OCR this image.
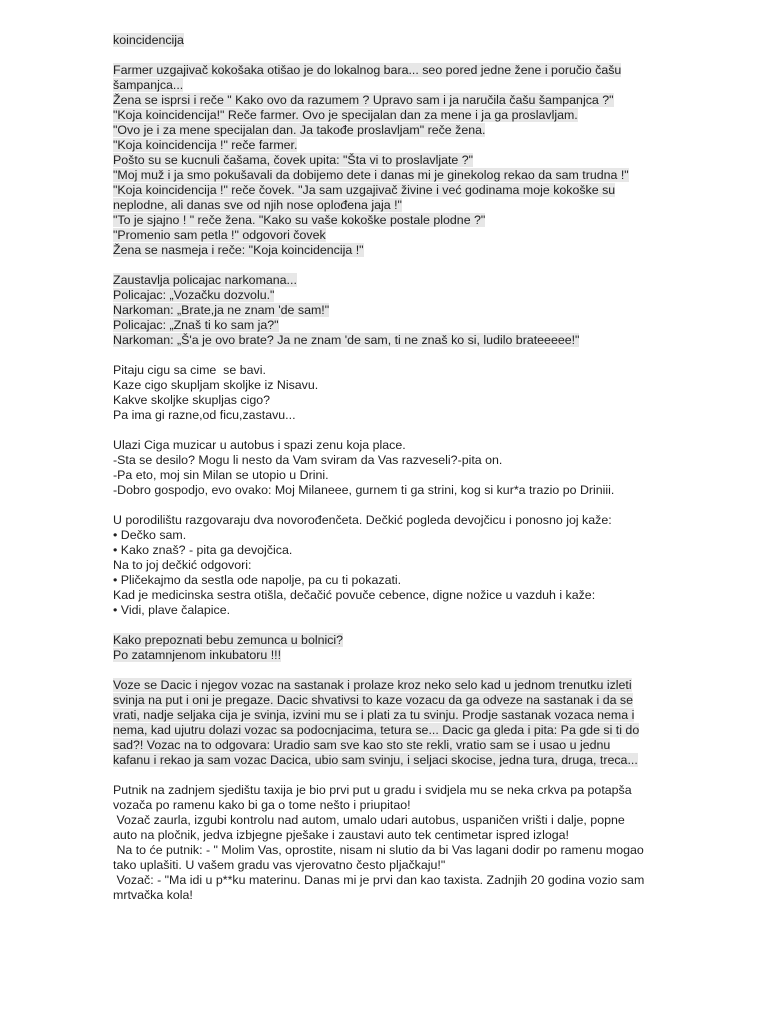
koincidencija
Farmer uzgajivač kokošaka otišao je do lokalnog bara... seo pored jedne žene i poručio čašu
šampanjca...
Žena se isprsi i reče " Kako ovo da razumem ? Upravo sam i ja naručila čašu šampanjca ?"
"Koja koincidencija!" Reče farmer. Ovo je specijalan dan za mene i ja ga proslavljam.
"Ovo je i za mene specijalan dan. Ja takođe proslavljam" reče žena.
"Koja koincidencija !" reče farmer.
Pošto su se kucnuli čašama, čovek upita: "Šta vi to proslavljate ?"
"Moj muž i ja smo pokušavali da dobijemo dete i danas mi je ginekolog rekao da sam trudna !"
"Koja koincidencija !" reče čovek. "Ja sam uzgajivač živine i već godinama moje kokoške su
neplodne, ali danas sve od njih nose oplođena jaja !"
"To je sjajno ! " reče žena. "Kako su vaše kokoške postale plodne ?"
"Promenio sam petla !" odgovori čovek
Žena se nasmeja i reče: "Koja koincidencija !"
Zaustavlja policajac narkomana...
Policajac: „Vozačku dozvolu."
Narkoman: „Brate,ja ne znam 'de sam!"
Policajac: „Znaš ti ko sam ja?"
Narkoman: „Š'a je ovo brate? Ja ne znam 'de sam, ti ne znaš ko si, ludilo brateeeee!"
Pitaju cigu sa cime  se bavi.
Kaze cigo skupljam skoljke iz Nisavu.
Kakve skoljke skupljas cigo?
Pa ima gi razne,od ficu,zastavu...
Ulazi Ciga muzicar u autobus i spazi zenu koja place.
-Sta se desilo? Mogu li nesto da Vam sviram da Vas razveseli?-pita on.
-Pa eto, moj sin Milan se utopio u Drini.
-Dobro gospodjo, evo ovako: Moj Milaneee, gurnem ti ga strini, kog si kur*a trazio po Driniii.
U porodilištu razgovaraju dva novorođenčeta. Dečkić pogleda devojčicu i ponosno joj kaže:
• Dečko sam.
• Kako znaš? - pita ga devojčica.
Na to joj dečkić odgovori:
• Pličekajmo da sestla ode napolje, pa cu ti pokazati.
Kad je medicinska sestra otišla, dečačić povuče cebence, digne nožice u vazduh i kaže:
• Vidi, plave čalapice.
Kako prepoznati bebu zemunca u bolnici?
Po zatamnjenom inkubatoru !!!
Voze se Dacic i njegov vozac na sastanak i prolaze kroz neko selo kad u jednom trenutku izleti
svinja na put i oni je pregaze. Dacic shvativsi to kaze vozacu da ga odveze na sastanak i da se
vrati, nadje seljaka cija je svinja, izvini mu se i plati za tu svinju. Prodje sastanak vozaca nema i
nema, kad ujutru dolazi vozac sa podocnjacima, tetura se... Dacic ga gleda i pita: Pa gde si ti do
sad?! Vozac na to odgovara: Uradio sam sve kao sto ste rekli, vratio sam se i usao u jednu
kafanu i rekao ja sam vozac Dacica, ubio sam svinju, i seljaci skocise, jedna tura, druga, treca...
Putnik na zadnjem sjedištu taxija je bio prvi put u gradu i svidjela mu se neka crkva pa potapša
vozača po ramenu kako bi ga o tome nešto i priupitao!
Vozač zaurla, izgubi kontrolu nad autom, umalo udari autobus, uspaničen vrišti i dalje, popne
auto na pločnik, jedva izbjegne pješake i zaustavi auto tek centimetar ispred izloga!
Na to će putnik: - " Molim Vas, oprostite, nisam ni slutio da bi Vas lagani dodir po ramenu mogao
tako uplašiti. U vašem gradu vas vjerovatno često pljačkaju!"
Vozač: - "Ma idi u p**ku materinu. Danas mi je prvi dan kao taxista. Zadnjih 20 godina vozio sam
mrtvačka kola!
